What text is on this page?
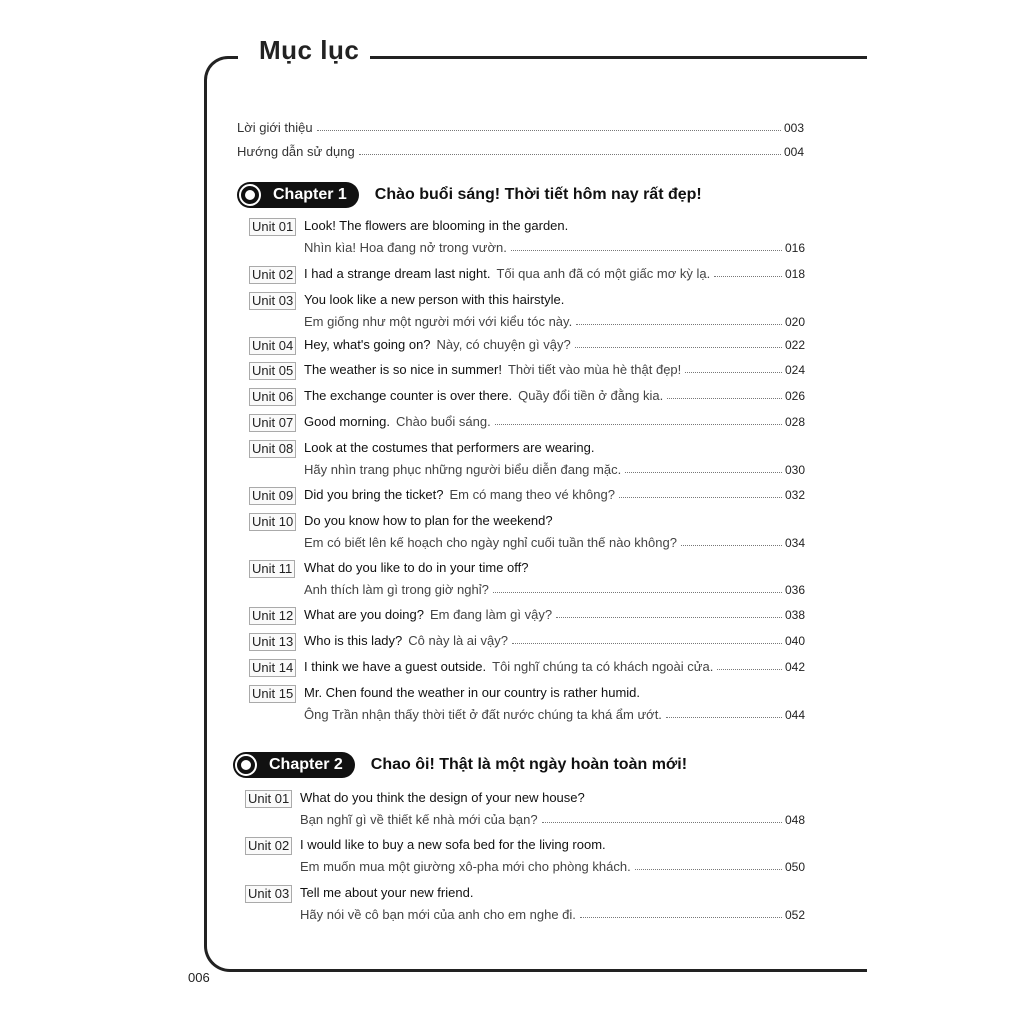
Mục lục
Lời giới thiệu	003
Hướng dẫn sử dụng	004
Chapter 1 Chào buổi sáng! Thời tiết hôm nay rất đẹp!
Unit 01 Look! The flowers are blooming in the garden.
Nhìn kìa! Hoa đang nở trong vườn.	016
Unit 02 I had a strange dream last night. Tối qua anh đã có một giấc mơ kỳ lạ.	018
Unit 03 You look like a new person with this hairstyle.
Em giống như một người mới với kiểu tóc này.	020
Unit 04 Hey, what's going on? Này, có chuyện gì vậy?	022
Unit 05 The weather is so nice in summer! Thời tiết vào mùa hè thật đẹp!	024
Unit 06 The exchange counter is over there. Quầy đổi tiền ở đằng kia.	026
Unit 07 Good morning. Chào buổi sáng.	028
Unit 08 Look at the costumes that performers are wearing.
Hãy nhìn trang phục những người biểu diễn đang mặc.	030
Unit 09 Did you bring the ticket? Em có mang theo vé không?	032
Unit 10 Do you know how to plan for the weekend?
Em có biết lên kế hoạch cho ngày nghỉ cuối tuần thế nào không?	034
Unit 11 What do you like to do in your time off?
Anh thích làm gì trong giờ nghỉ?	036
Unit 12 What are you doing? Em đang làm gì vậy?	038
Unit 13 Who is this lady? Cô này là ai vậy?	040
Unit 14 I think we have a guest outside. Tôi nghĩ chúng ta có khách ngoài cửa.	042
Unit 15 Mr. Chen found the weather in our country is rather humid.
Ông Trần nhận thấy thời tiết ở đất nước chúng ta khá ẩm ướt.	044
Chapter 2 Chao ôi! Thật là một ngày hoàn toàn mới!
Unit 01 What do you think the design of your new house?
Bạn nghĩ gì về thiết kế nhà mới của bạn?	048
Unit 02 I would like to buy a new sofa bed for the living room.
Em muốn mua một giường xô-pha mới cho phòng khách.	050
Unit 03 Tell me about your new friend.
Hãy nói về cô bạn mới của anh cho em nghe đi.	052
006
